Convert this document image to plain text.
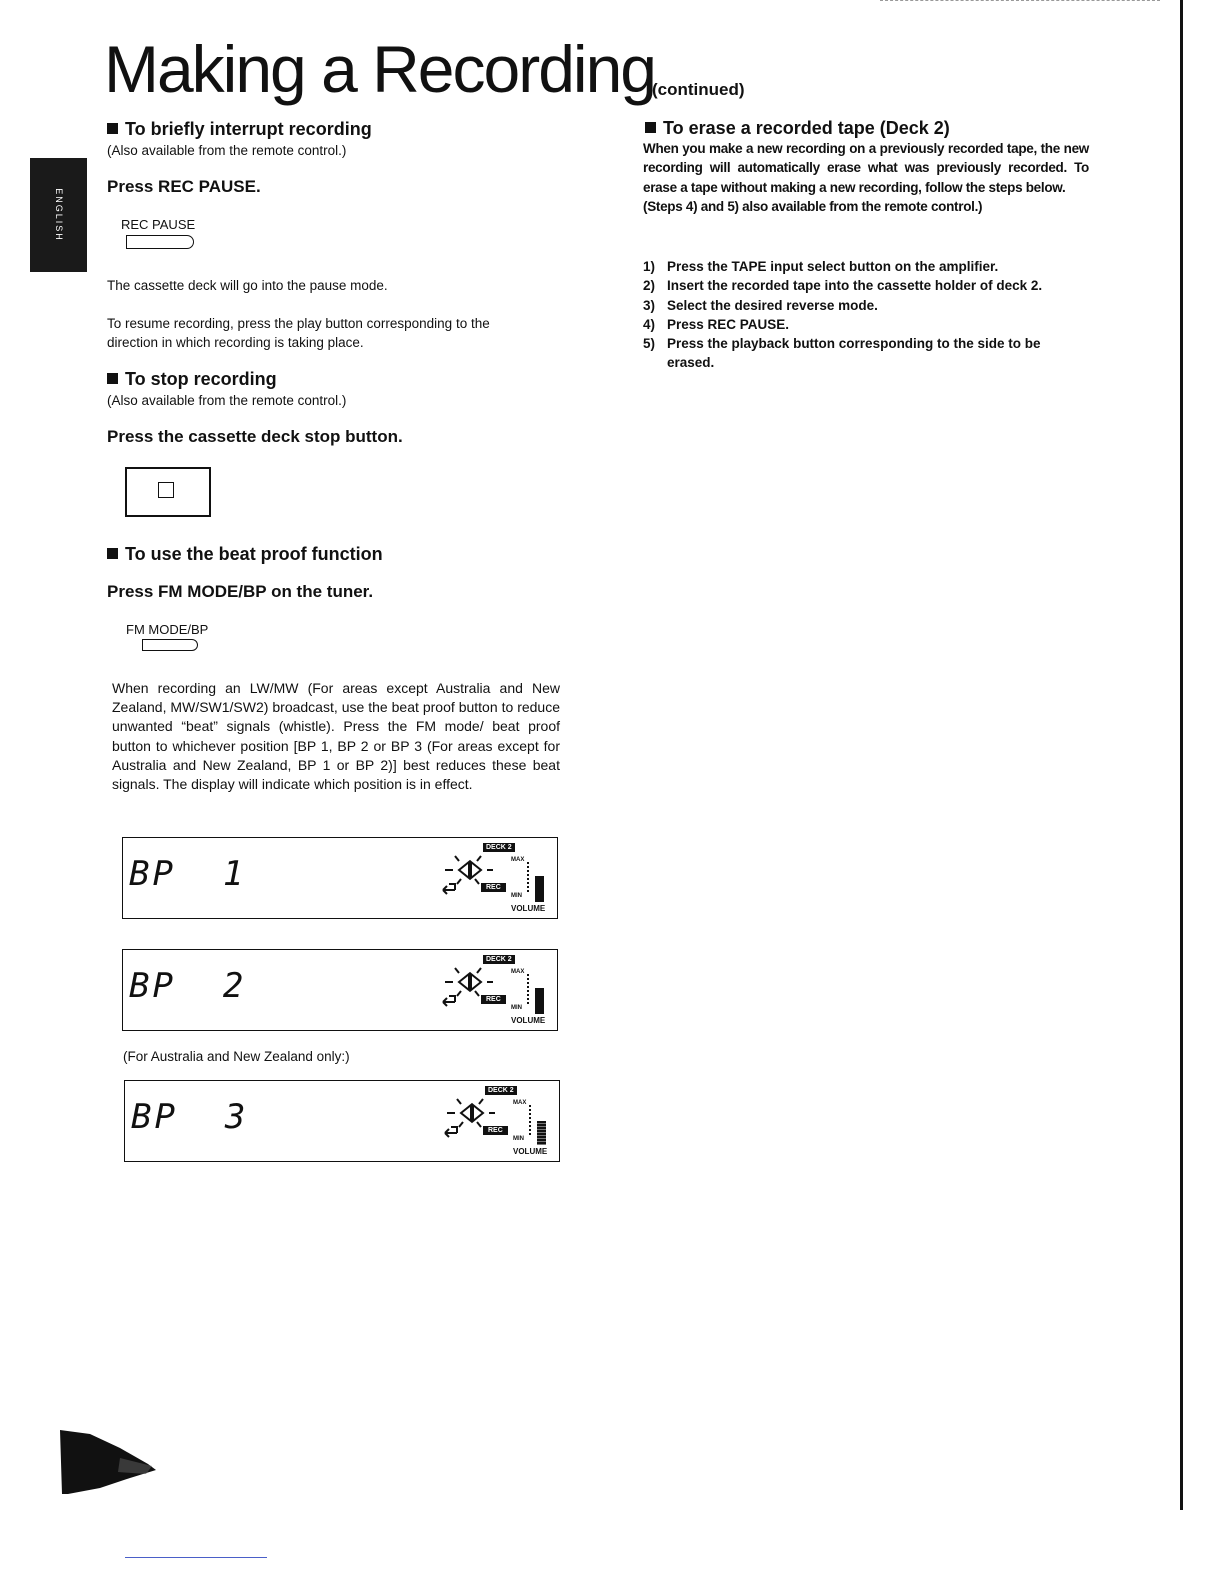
ENGLISH
Making a Recording
(continued)
To briefly interrupt recording
(Also available from the remote control.)
Press REC PAUSE.
REC PAUSE
The cassette deck will go into the pause mode.
To resume recording, press the play button corresponding to the
direction in which recording is taking place.
To stop recording
(Also available from the remote control.)
Press the cassette deck stop button.
To use the beat proof function
Press FM MODE/BP on the tuner.
FM MODE/BP
When recording an LW/MW (For areas except Australia and New Zealand, MW/SW1/SW2) broadcast, use the beat proof button to reduce unwanted “beat” signals (whistle). Press the FM mode/ beat proof button to whichever position [BP 1, BP 2 or BP 3 (For areas except for Australia and New Zealand, BP 1 or BP 2)] best reduces these beat signals. The display will indicate which position is in effect.
BP  1
DECK 2
REC
MAX
MIN
VOLUME
BP  2
DECK 2
REC
MAX
MIN
VOLUME
(For Australia and New Zealand only:)
BP  3
DECK 2
REC
MAX
MIN
VOLUME
To erase a recorded tape (Deck 2)
When you make a new recording on a previously recorded tape, the new recording will automatically erase what was previously recorded. To erase a tape without making a new recording, follow the steps below.
(Steps 4) and 5) also available from the remote control.)
1) Press the TAPE input select button on the amplifier.
2) Insert the recorded tape into the cassette holder of deck 2.
3) Select the desired reverse mode.
4) Press REC PAUSE.
5) Press the playback button corresponding to the side to be erased.
